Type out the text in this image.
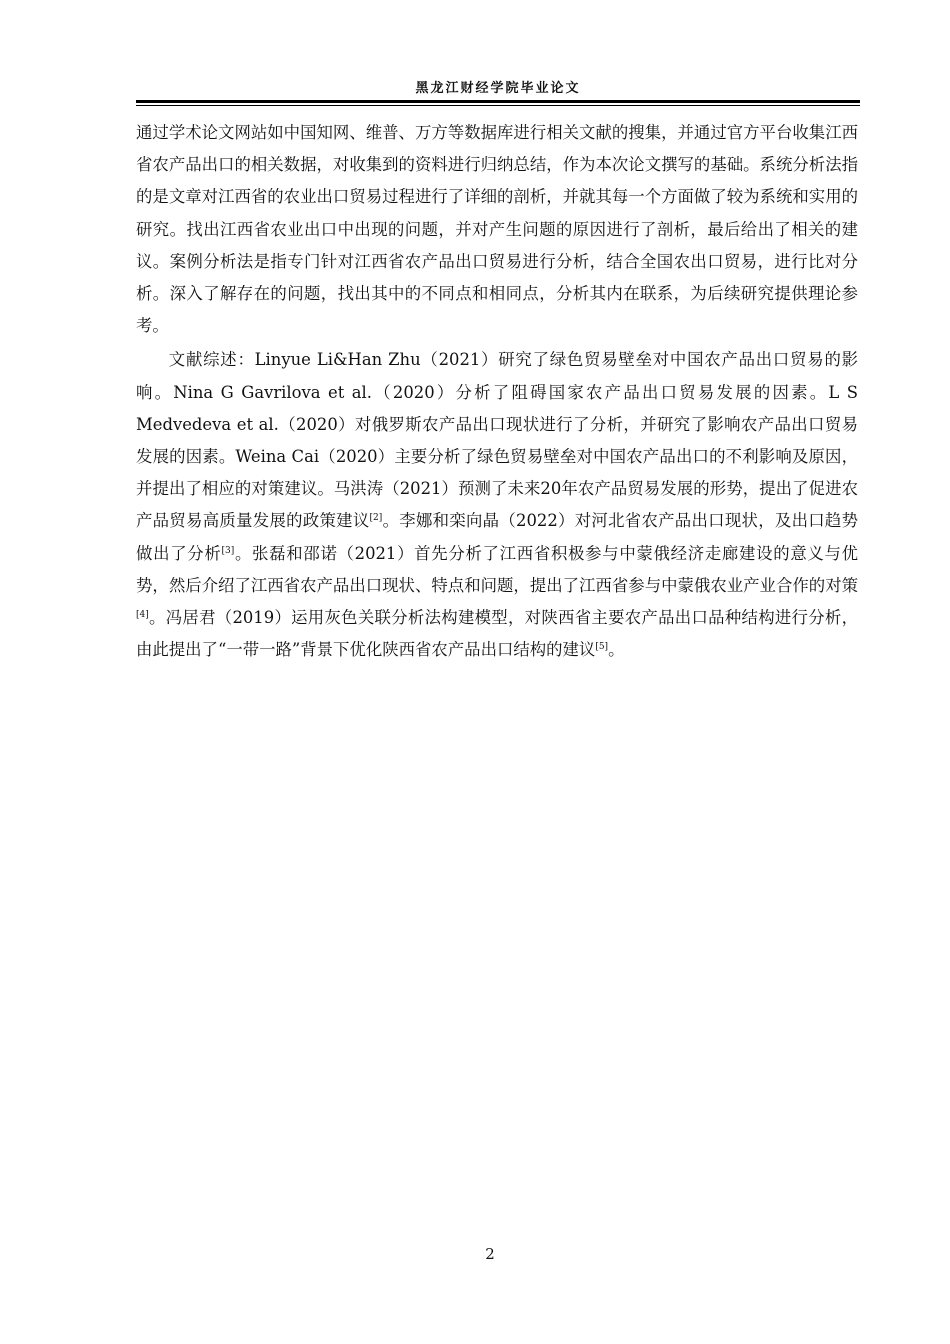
黑龙江财经学院毕业论文

通过学术论文网站如中国知网、维普、万方等数据库进行相关文献的搜集，并通过官方平台收集江西省农产品出口的相关数据，对收集到的资料进行归纳总结，作为本次论文撰写的基础。系统分析法指的是文章对江西省的农业出口贸易过程进行了详细的剖析，并就其每一个方面做了较为系统和实用的研究。找出江西省农业出口中出现的问题，并对产生问题的原因进行了剖析，最后给出了相关的建议。案例分析法是指专门针对江西省农产品出口贸易进行分析，结合全国农出口贸易，进行比对分析。深入了解存在的问题，找出其中的不同点和相同点，分析其内在联系，为后续研究提供理论参考。

文献综述：Linyue Li&Han Zhu（2021）研究了绿色贸易壁垒对中国农产品出口贸易的影响。Nina G Gavrilova et al.（2020）分析了阻碍国家农产品出口贸易发展的因素。L S Medvedeva et al.（2020）对俄罗斯农产品出口现状进行了分析，并研究了影响农产品出口贸易发展的因素。Weina Cai（2020）主要分析了绿色贸易壁垒对中国农产品出口的不利影响及原因，并提出了相应的对策建议。马洪涛（2021）预测了未来20年农产品贸易发展的形势，提出了促进农产品贸易高质量发展的政策建议[2]。李娜和栾向晶（2022）对河北省农产品出口现状，及出口趋势做出了分析[3]。张磊和邵诺（2021）首先分析了江西省积极参与中蒙俄经济走廊建设的意义与优势，然后介绍了江西省农产品出口现状、特点和问题，提出了江西省参与中蒙俄农业产业合作的对策[4]。冯居君（2019）运用灰色关联分析法构建模型，对陕西省主要农产品出口品种结构进行分析，由此提出了“一带一路”背景下优化陕西省农产品出口结构的建议[5]。

2
